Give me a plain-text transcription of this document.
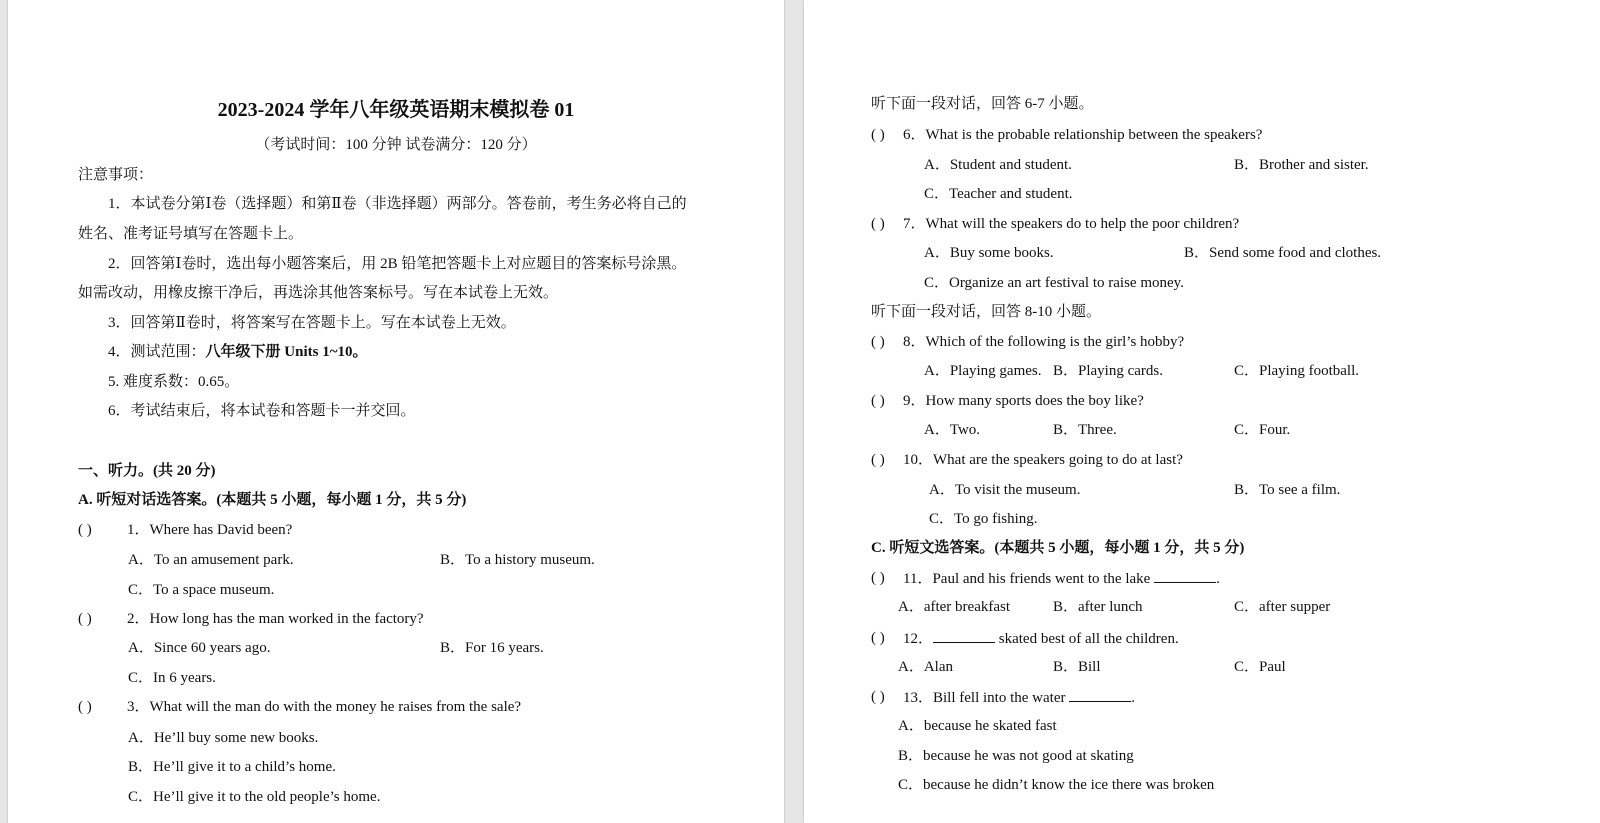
2023-2024 学年八年级英语期末模拟卷 01
（考试时间：100 分钟 试卷满分：120 分）
注意事项：
1．本试卷分第Ⅰ卷（选择题）和第Ⅱ卷（非选择题）两部分。答卷前，考生务必将自己的
姓名、准考证号填写在答题卡上。
2．回答第Ⅰ卷时，选出每小题答案后，用 2B 铅笔把答题卡上对应题目的答案标号涂黑。
如需改动，用橡皮擦干净后，再选涂其他答案标号。写在本试卷上无效。
3．回答第Ⅱ卷时，将答案写在答题卡上。写在本试卷上无效。
4．测试范围：八年级下册 Units 1~10。
5. 难度系数：0.65。
6．考试结束后，将本试卷和答题卡一并交回。
一、听力。(共 20 分)
A. 听短对话选答案。(本题共 5 小题，每小题 1 分，共 5 分)
( ) 1．Where has David been?
A．To an amusement park.	B．To a history museum.
C．To a space museum.
( ) 2．How long has the man worked in the factory?
A．Since 60 years ago.	B．For 16 years.
C．In 6 years.
( ) 3．What will the man do with the money he raises from the sale?
A．He’ll buy some new books.
B．He’ll give it to a child’s home.
C．He’ll give it to the old people’s home.
听下面一段对话，回答 6-7 小题。
( ) 6．What is the probable relationship between the speakers?
A．Student and student.	B．Brother and sister.
C．Teacher and student.
( ) 7．What will the speakers do to help the poor children?
A．Buy some books.	B．Send some food and clothes.
C．Organize an art festival to raise money.
听下面一段对话，回答 8-10 小题。
( ) 8．Which of the following is the girl’s hobby?
A．Playing games. B．Playing cards.	C．Playing football.
( ) 9．How many sports does the boy like?
A．Two.	B．Three.	C．Four.
( ) 10．What are the speakers going to do at last?
A．To visit the museum.	B．To see a film.
C．To go fishing.
C. 听短文选答案。(本题共 5 小题，每小题 1 分，共 5 分)
( ) 11．Paul and his friends went to the lake	.
A．after breakfast	B．after lunch	C．after supper
( ) 12．	skated best of all the children.
A．Alan	B．Bill	C．Paul
( ) 13．Bill fell into the water	.
A．because he skated fast
B．because he was not good at skating
C．because he didn’t know the ice there was broken
